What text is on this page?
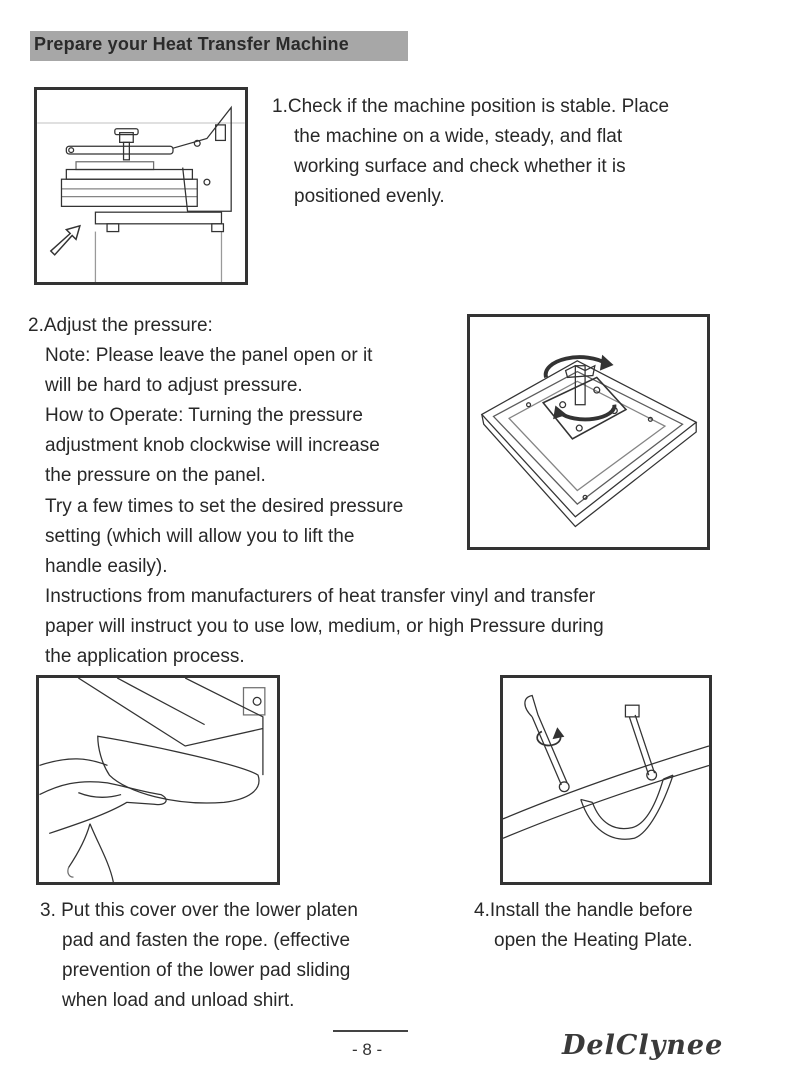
Prepare your Heat Transfer Machine
1.Check if the machine position is stable. Place
the machine on a wide, steady, and flat
working surface and check whether it is
positioned evenly.
2.Adjust the pressure:
Note: Please leave the panel open or it
will be hard to adjust pressure.
How to Operate: Turning the pressure
adjustment knob clockwise will increase
the pressure on the panel.
Try a few times to set the desired pressure
setting (which will allow you to lift the
handle easily).
Instructions from manufacturers of heat transfer vinyl and transfer
paper will instruct you to use low, medium, or high Pressure during
the application process.
3. Put this cover over the lower platen
pad and fasten the rope. (effective
prevention of the lower pad sliding
when load and unload shirt.
4.Install the handle before
open the Heating Plate.
- 8 -	DelClynee
